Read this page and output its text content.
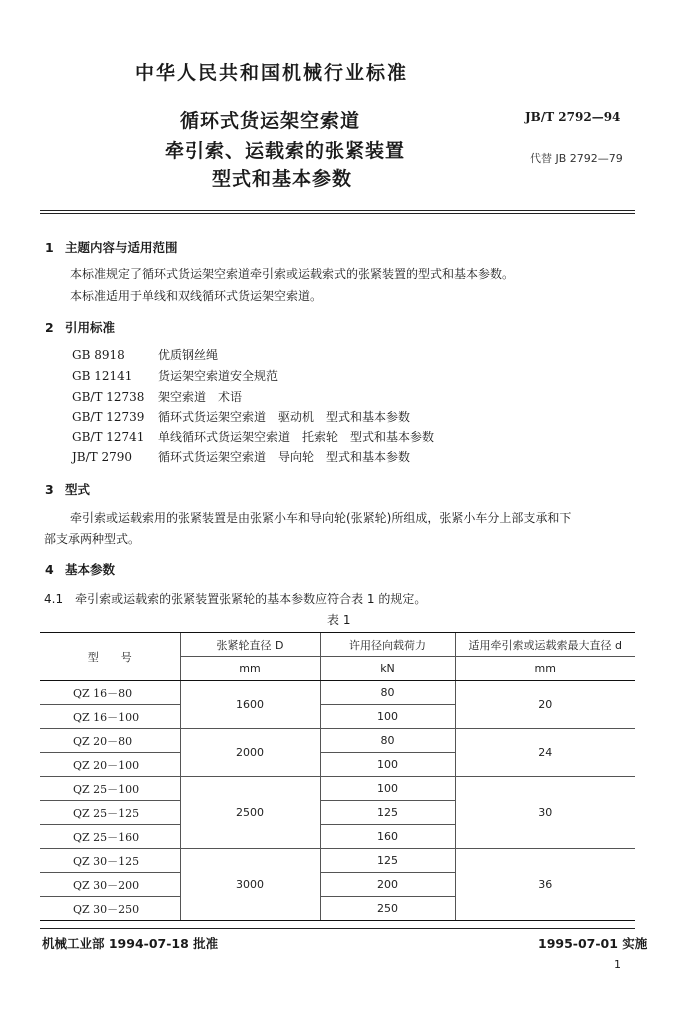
中华人民共和国机械行业标准
循环式货运架空索道
牵引索、运载索的张紧装置
型式和基本参数
JB/T 2792—94
代替 JB 2792—79
1 主题内容与适用范围
本标准规定了循环式货运架空索道牵引索或运载索式的张紧装置的型式和基本参数。
本标准适用于单线和双线循环式货运架空索道。
2 引用标准
GB 8918	优质钢丝绳
GB 12141 货运架空索道安全规范
GB/T 12738 架空索道　术语
GB/T 12739 循环式货运架空索道　驱动机　型式和基本参数
GB/T 12741 单线循环式货运架空索道　托索轮　型式和基本参数
JB/T 2790 循环式货运架空索道　导向轮　型式和基本参数
3 型式
牵引索或运载索用的张紧装置是由张紧小车和导向轮(张紧轮)所组成，张紧小车分上部支承和下
部支承两种型式。
4 基本参数
4.1　牵引索或运载索的张紧装置张紧轮的基本参数应符合表 1 的规定。
表 1
型　　号	张紧轮直径 D	许用径向载荷力	适用牵引索或运载索最大直径 d
	mm	kN	mm
QZ 16－80	1600	80	20
QZ 16－100		100	
QZ 20－80	2000	80	24
QZ 20－100		100	
QZ 25－100	2500	100	30
QZ 25－125		125	
QZ 25－160		160	
QZ 30－125	3000	125	36
QZ 30－200		200	
QZ 30－250		250	
机械工业部 1994-07-18 批准	1995-07-01 实施
1
